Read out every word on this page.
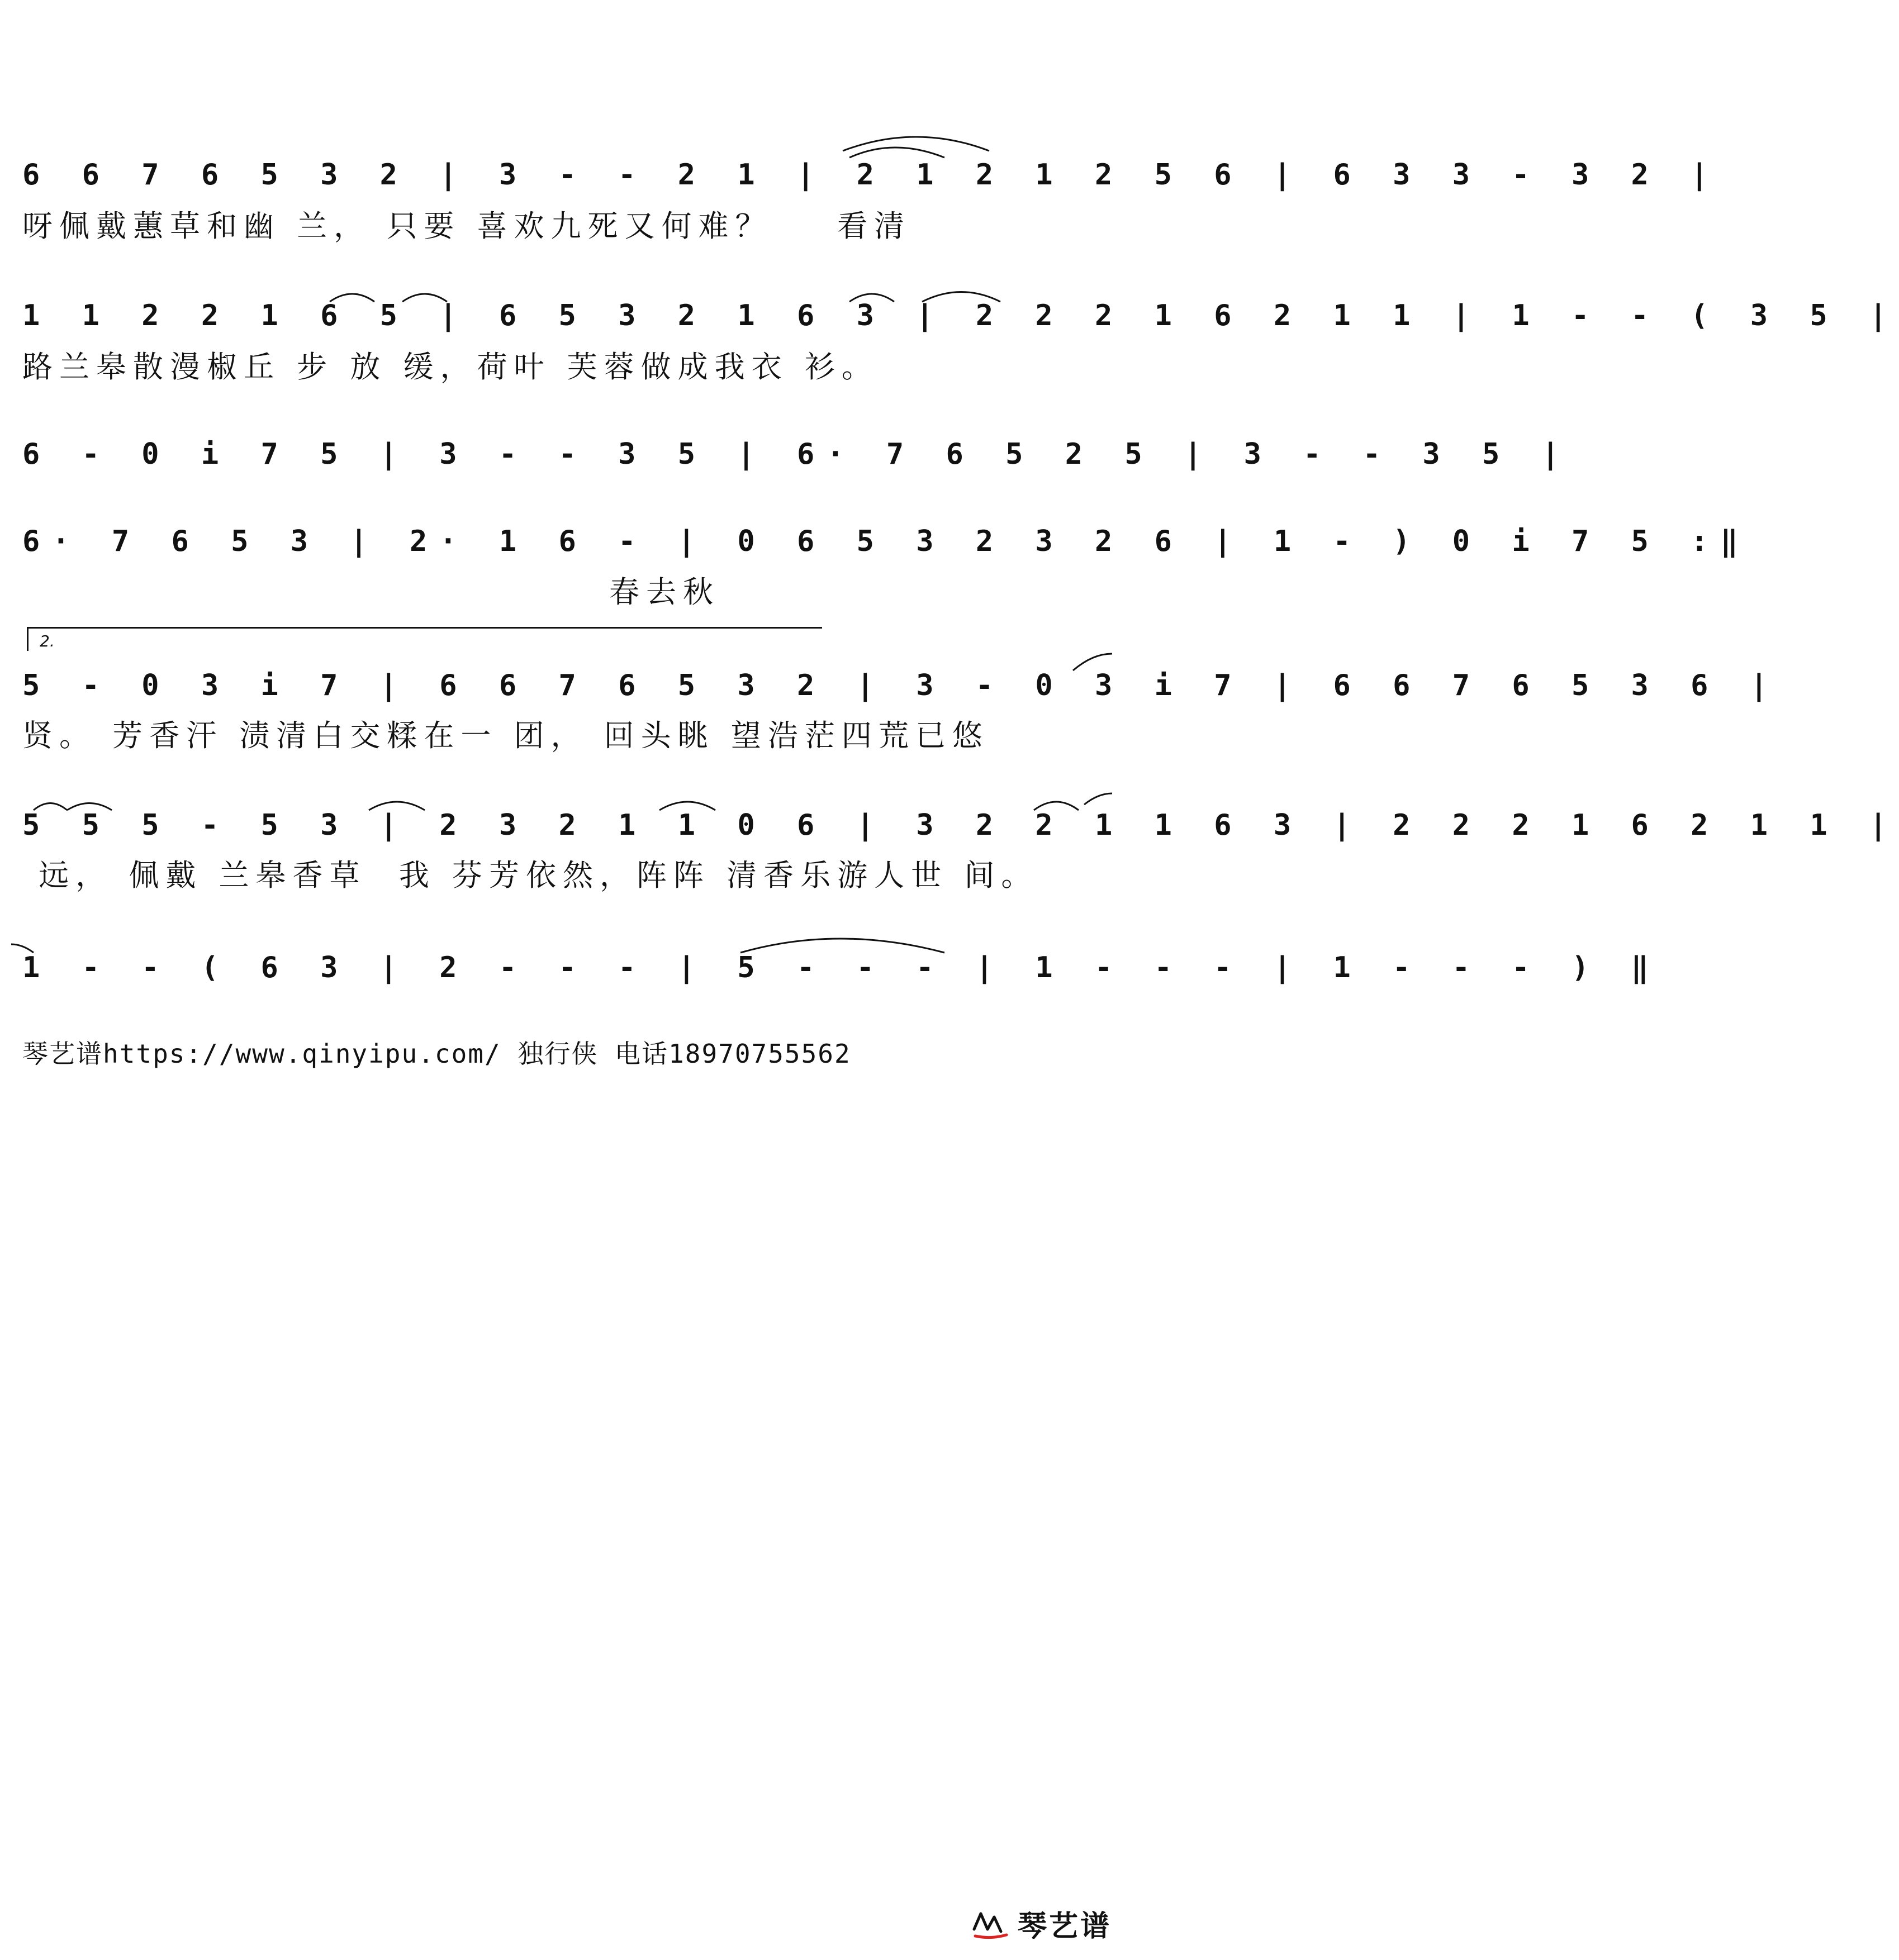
6 6 7 6 5 3 2 | 3 - - 2 1 | 2 1 2 1 2 5 6 | 6 3 3 - 3 2 |
呀佩戴蕙草和幽 兰， 只要 喜欢九死又何难？    看清
1 1 2 2 1 6 5 | 6 5 3 2 1 6 3 | 2 2 2 1 6 2 1 1 | 1 - - ( 3 5 |
路兰皋散漫椒丘 步 放 缓，荷叶 芙蓉做成我衣 衫。
6 - 0 i 7 5 | 3 - - 3 5 | 6· 7 6 5 2 5 | 3 - - 3 5 |
6· 7 6 5 3 | 2· 1 6 - | 0 6 5 3 2 3 2 6 | 1 - ) 0 i 7 5 :‖
春去秋
2.
5 - 0 3 i 7 | 6 6 7 6 5 3 2 | 3 - 0 3 i 7 | 6 6 7 6 5 3 6 |
贤。 芳香汗 渍清白交糅在一 团， 回头眺 望浩茫四荒已悠
5 5 5 - 5 3 | 2 3 2 1 1 0 6 | 3 2 2 1 1 6 3 | 2 2 2 1 6 2 1 1 |
远， 佩戴 兰皋香草  我 芬芳依然，阵阵 清香乐游人世 间。
1 - - ( 6 3 | 2 - - - | 5 - - - | 1 - - - | 1 - - - ) ‖
琴艺谱https://www.qinyipu.com/ 独行侠 电话18970755562
琴艺谱
